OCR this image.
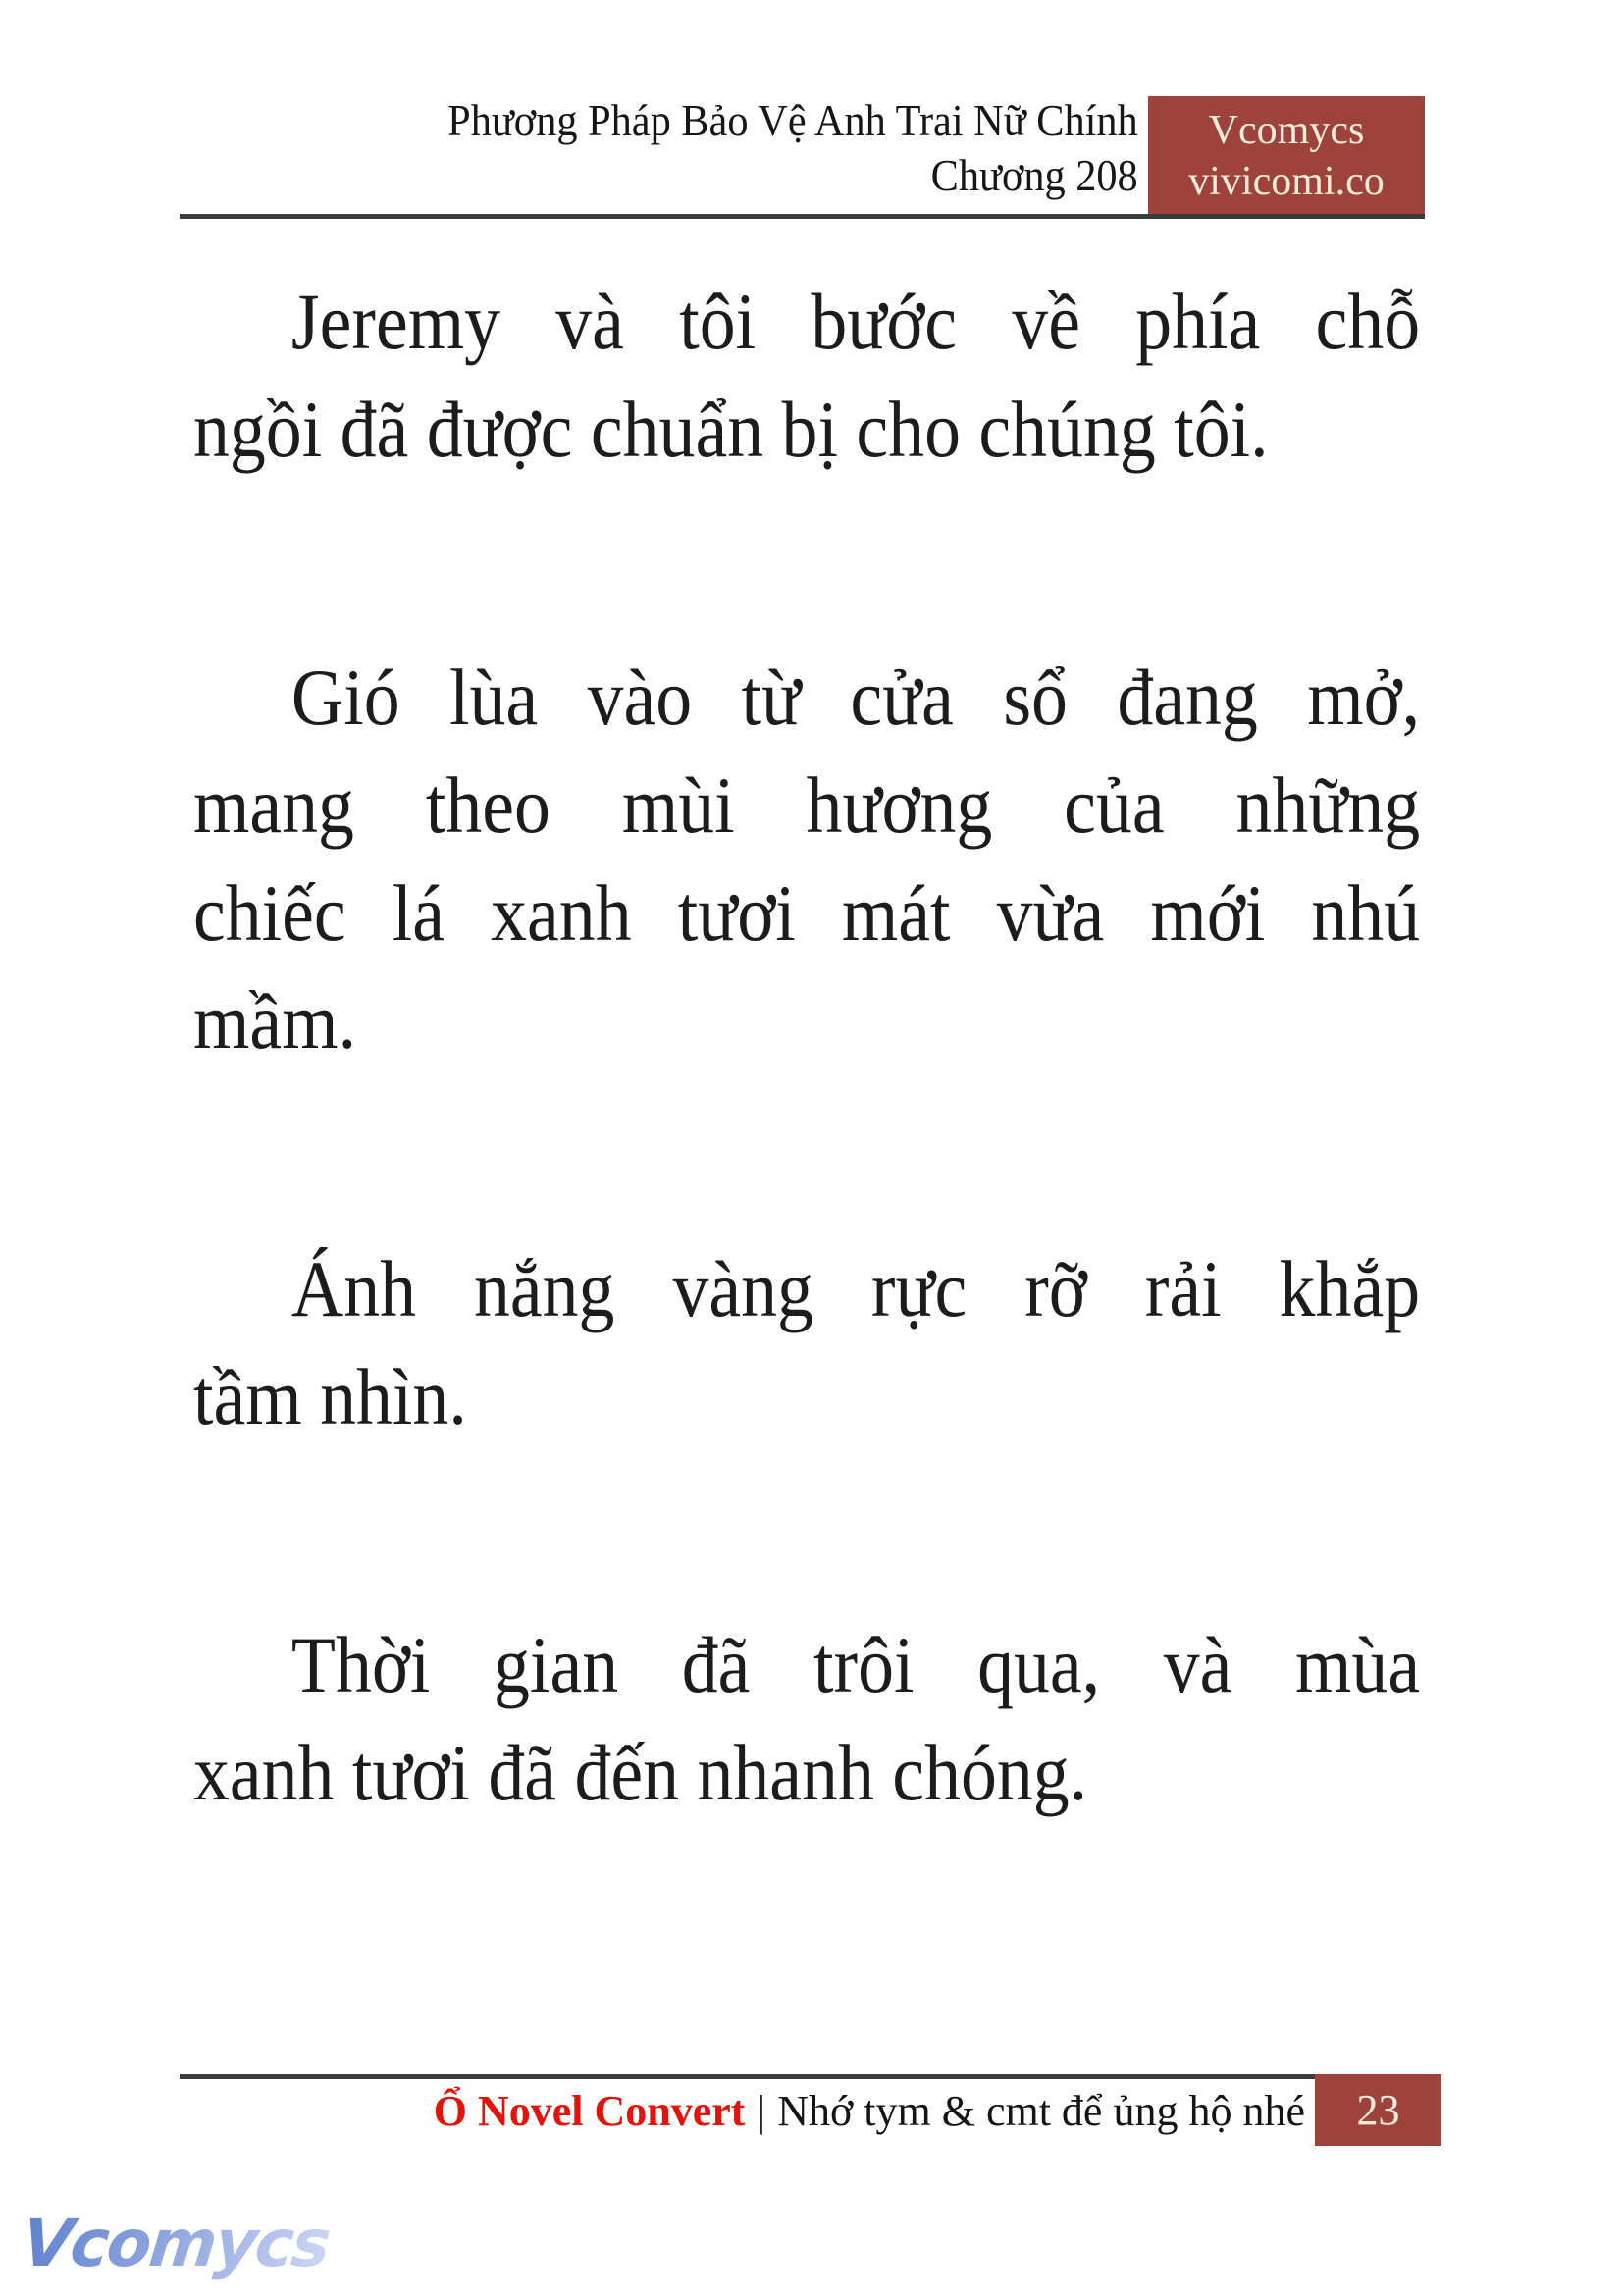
Phương Pháp Bảo Vệ Anh Trai Nữ Chính
Chương 208
Vcomycs
vivicomi.co
Jeremy và tôi bước về phía chỗ
ngồi đã được chuẩn bị cho chúng tôi.
Gió lùa vào từ cửa sổ đang mở,
mang theo mùi hương của những
chiếc lá xanh tươi mát vừa mới nhú
mầm.
Ánh nắng vàng rực rỡ rải khắp
tầm nhìn.
Thời gian đã trôi qua, và mùa
xanh tươi đã đến nhanh chóng.
Ổ Novel Convert | Nhớ tym & cmt để ủng hộ nhé	23
Vcomycs
